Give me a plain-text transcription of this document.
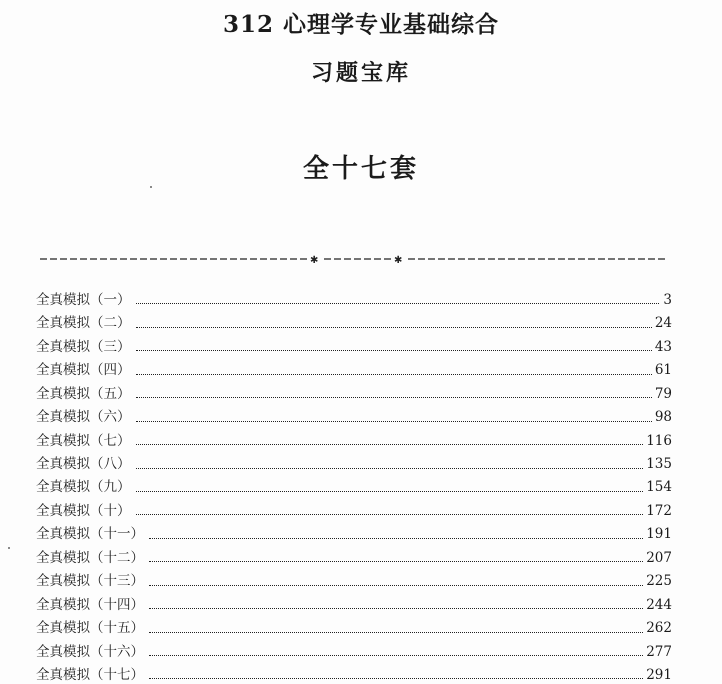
312 心理学专业基础综合
习题宝库
全十七套
✱	✱
全真模拟（一）	3
全真模拟（二）	24
全真模拟（三）	43
全真模拟（四）	61
全真模拟（五）	79
全真模拟（六）	98
全真模拟（七）	116
全真模拟（八）	135
全真模拟（九）	154
全真模拟（十）	172
全真模拟（十一）	191
全真模拟（十二）	207
全真模拟（十三）	225
全真模拟（十四）	244
全真模拟（十五）	262
全真模拟（十六）	277
全真模拟（十七）	291
